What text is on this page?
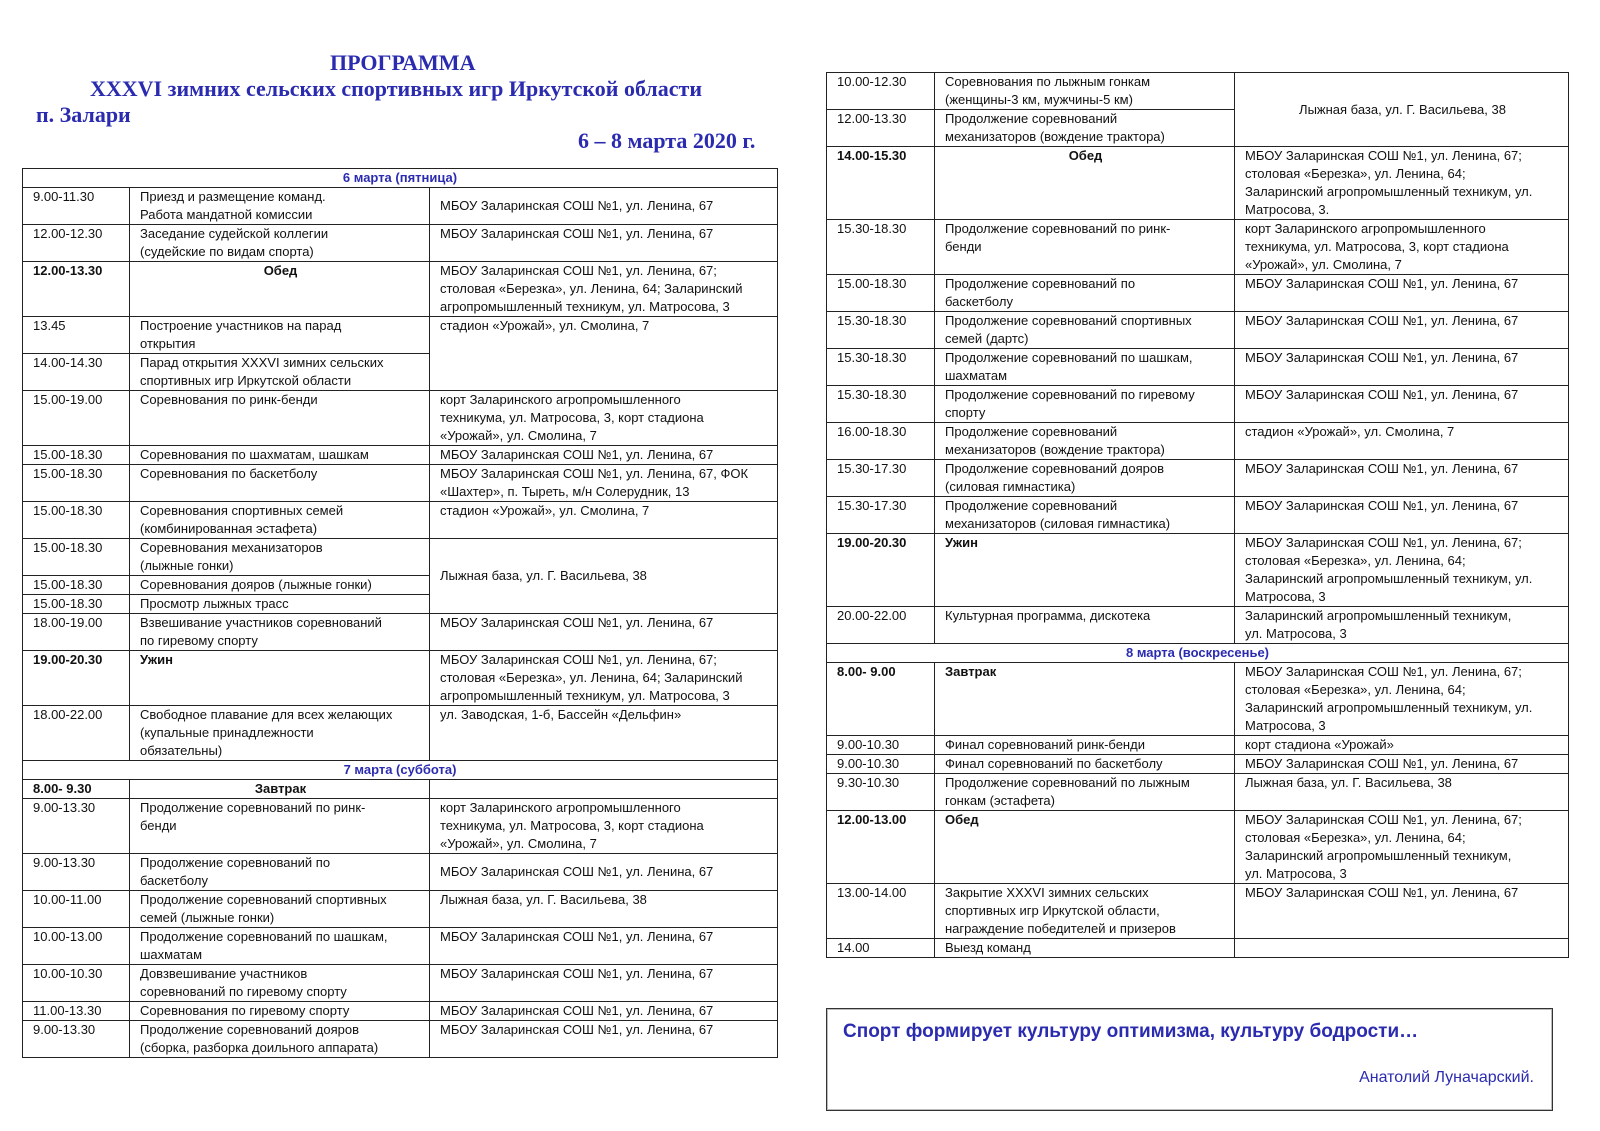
ПРОГРАММА
XXXVI зимних сельских спортивных игр Иркутской области
п. Залари
6 – 8 марта 2020 г.
6 марта (пятница)		
9.00-11.30	Приезд и размещение команд.
Работа мандатной комиссии	МБОУ Заларинская СОШ №1, ул. Ленина, 67
12.00-12.30	Заседание судейской коллегии
(судейские по видам спорта)	МБОУ Заларинская СОШ №1, ул. Ленина, 67
12.00-13.30	Обед	МБОУ Заларинская СОШ №1, ул. Ленина, 67;
столовая «Березка», ул. Ленина, 64; Заларинский
агропромышленный техникум, ул. Матросова, 3
13.45	Построение участников на парад
открытия	стадион «Урожай», ул. Смолина, 7
14.00-14.30	Парад открытия XXXVI зимних сельских
спортивных игр Иркутской области	
15.00-19.00	Соревнования по ринк-бенди	корт Заларинского агропромышленного
техникума, ул. Матросова, 3, корт стадиона
«Урожай», ул. Смолина, 7
15.00-18.30	Соревнования по шахматам, шашкам	МБОУ Заларинская СОШ №1, ул. Ленина, 67
15.00-18.30	Соревнования по баскетболу	МБОУ Заларинская СОШ №1, ул. Ленина, 67, ФОК
«Шахтер», п. Тыреть, м/н Солерудник, 13
15.00-18.30	Соревнования спортивных семей
(комбинированная эстафета)	стадион «Урожай», ул. Смолина, 7
15.00-18.30	Соревнования механизаторов
(лыжные гонки)	Лыжная база, ул. Г. Васильева, 38
15.00-18.30	Соревнования дояров (лыжные гонки)	
15.00-18.30	Просмотр лыжных трасс	
18.00-19.00	Взвешивание участников соревнований
по гиревому спорту	МБОУ Заларинская СОШ №1, ул. Ленина, 67
19.00-20.30	Ужин	МБОУ Заларинская СОШ №1, ул. Ленина, 67;
столовая «Березка», ул. Ленина, 64; Заларинский
агропромышленный техникум, ул. Матросова, 3
18.00-22.00	Свободное плавание для всех желающих
(купальные принадлежности
обязательны)	ул. Заводская, 1-б, Бассейн «Дельфин»
7 марта (суббота)		
8.00- 9.30	Завтрак	
9.00-13.30	Продолжение соревнований по ринк-
бенди	корт Заларинского агропромышленного
техникума, ул. Матросова, 3, корт стадиона
«Урожай», ул. Смолина, 7
9.00-13.30	Продолжение соревнований по
баскетболу	МБОУ Заларинская СОШ №1, ул. Ленина, 67
10.00-11.00	Продолжение соревнований спортивных
семей (лыжные гонки)	Лыжная база, ул. Г. Васильева, 38
10.00-13.00	Продолжение соревнований по шашкам,
шахматам	МБОУ Заларинская СОШ №1, ул. Ленина, 67
10.00-10.30	Довзвешивание участников
соревнований по гиревому спорту	МБОУ Заларинская СОШ №1, ул. Ленина, 67
11.00-13.30	Соревнования по гиревому спорту	МБОУ Заларинская СОШ №1, ул. Ленина, 67
9.00-13.30	Продолжение соревнований дояров
(сборка, разборка доильного аппарата)	МБОУ Заларинская СОШ №1, ул. Ленина, 67
10.00-12.30	Соревнования по лыжным гонкам
(женщины-3 км, мужчины-5 км)	Лыжная база, ул. Г. Васильева, 38
12.00-13.30	Продолжение соревнований
механизаторов (вождение трактора)	
14.00-15.30	Обед	МБОУ Заларинская СОШ №1, ул. Ленина, 67;
столовая «Березка», ул. Ленина, 64;
Заларинский агропромышленный техникум, ул.
Матросова, 3.
15.30-18.30	Продолжение соревнований по ринк-
бенди	корт Заларинского агропромышленного
техникума, ул. Матросова, 3, корт стадиона
«Урожай», ул. Смолина, 7
15.00-18.30	Продолжение соревнований по
баскетболу	МБОУ Заларинская СОШ №1, ул. Ленина, 67
15.30-18.30	Продолжение соревнований спортивных
семей (дартс)	МБОУ Заларинская СОШ №1, ул. Ленина, 67
15.30-18.30	Продолжение соревнований по шашкам,
шахматам	МБОУ Заларинская СОШ №1, ул. Ленина, 67
15.30-18.30	Продолжение соревнований по гиревому
спорту	МБОУ Заларинская СОШ №1, ул. Ленина, 67
16.00-18.30	Продолжение соревнований
механизаторов (вождение трактора)	стадион «Урожай», ул. Смолина, 7
15.30-17.30	Продолжение соревнований дояров
(силовая гимнастика)	МБОУ Заларинская СОШ №1, ул. Ленина, 67
15.30-17.30	Продолжение соревнований
механизаторов (силовая гимнастика)	МБОУ Заларинская СОШ №1, ул. Ленина, 67
19.00-20.30	Ужин	МБОУ Заларинская СОШ №1, ул. Ленина, 67;
столовая «Березка», ул. Ленина, 64;
Заларинский агропромышленный техникум, ул.
Матросова, 3
20.00-22.00	Культурная программа, дискотека	Заларинский агропромышленный техникум,
ул. Матросова, 3
8 марта (воскресенье)		
8.00- 9.00	Завтрак	МБОУ Заларинская СОШ №1, ул. Ленина, 67;
столовая «Березка», ул. Ленина, 64;
Заларинский агропромышленный техникум, ул.
Матросова, 3
9.00-10.30	Финал соревнований ринк-бенди	корт стадиона «Урожай»
9.00-10.30	Финал соревнований по баскетболу	МБОУ Заларинская СОШ №1, ул. Ленина, 67
9.30-10.30	Продолжение соревнований по лыжным
гонкам (эстафета)	Лыжная база, ул. Г. Васильева, 38
12.00-13.00	Обед	МБОУ Заларинская СОШ №1, ул. Ленина, 67;
столовая «Березка», ул. Ленина, 64;
Заларинский агропромышленный техникум,
ул. Матросова, 3
13.00-14.00	Закрытие XXXVI зимних сельских
спортивных игр Иркутской области,
награждение победителей и призеров	МБОУ Заларинская СОШ №1, ул. Ленина, 67
14.00	Выезд команд	
Спорт формирует культуру оптимизма, культуру бодрости…
Анатолий Луначарский.
